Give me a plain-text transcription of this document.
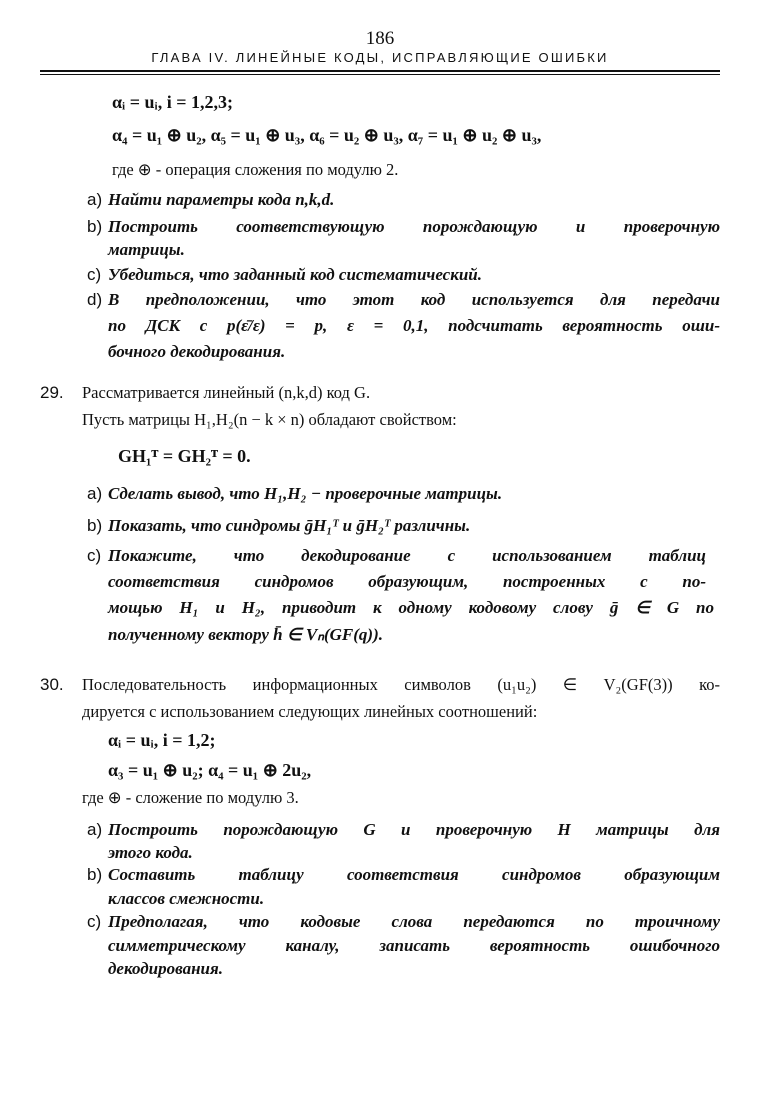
186
ГЛАВА IV. ЛИНЕЙНЫЕ КОДЫ, ИСПРАВЛЯЮЩИЕ ОШИБКИ
αᵢ = uᵢ, i = 1,2,3;
α₄ = u₁ ⊕ u₂, α₅ = u₁ ⊕ u₃, α₆ = u₂ ⊕ u₃, α₇ = u₁ ⊕ u₂ ⊕ u₃,
где ⊕ - операция сложения по модулю 2.
a) Найти параметры кода n,k,d.
b) Построить соответствующую порождающую и проверочную
матрицы.
c) Убедиться, что заданный код систематический.
d) В предположении, что этот код используется для передачи
по ДСК с p(ε̄/ε) = p, ε = 0,1, подсчитать вероятность оши-
бочного декодирования.
29. Рассматривается линейный (n,k,d) код G.
Пусть матрицы H₁,H₂(n − k × n) обладают свойством:
GH₁ᵀ = GH₂ᵀ = 0.
a) Сделать вывод, что H₁,H₂ − проверочные матрицы.
b) Показать, что синдромы ḡH₁ᵀ и ḡH₂ᵀ различны.
c) Покажите, что декодирование с использованием таблиц
соответствия синдромов образующим, построенных с по-
мощью H₁ и H₂, приводит к одному кодовому слову ḡ ∈ G по
полученному вектору h̄ ∈ Vₙ(GF(q)).
30. Последовательность информационных символов (u₁u₂) ∈ V₂(GF(3)) ко-
дируется с использованием следующих линейных соотношений:
αᵢ = uᵢ, i = 1,2;
α₃ = u₁ ⊕ u₂; α₄ = u₁ ⊕ 2u₂,
где ⊕ - сложение по модулю 3.
a) Построить порождающую G и проверочную H матрицы для
этого кода.
b) Составить таблицу соответствия синдромов образующим
классов смежности.
c) Предполагая, что кодовые слова передаются по троичному
симметрическому каналу, записать вероятность ошибочного
декодирования.
